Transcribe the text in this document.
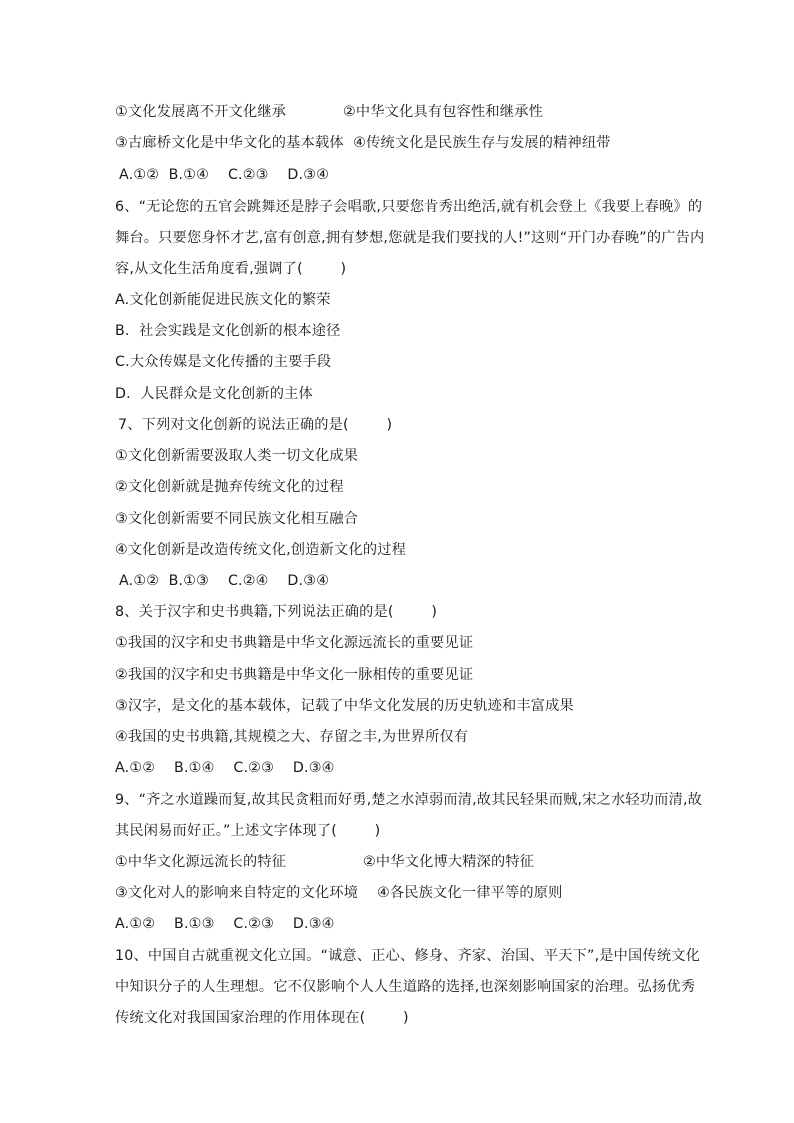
①文化发展离不开文化继承	②中华文化具有包容性和继承性
③古廊桥文化是中华文化的基本载体  ④传统文化是民族生存与发展的精神纽带
A.①②  B.①④    C.②③    D.③④
6、“无论您的五官会跳舞还是脖子会唱歌,只要您肯秀出绝活,就有机会登上《我要上春晚》的
舞台。只要您身怀才艺,富有创意,拥有梦想,您就是我们要找的人!”这则“开门办春晚”的广告内
容,从文化生活角度看,强调了(        )
A.文化创新能促进民族文化的繁荣
B.  社会实践是文化创新的根本途径
C.大众传媒是文化传播的主要手段
D.  人民群众是文化创新的主体
7、下列对文化创新的说法正确的是(        )
①文化创新需要汲取人类一切文化成果
②文化创新就是抛弃传统文化的过程
③文化创新需要不同民族文化相互融合
④文化创新是改造传统文化,创造新文化的过程
A.①②  B.①③    C.②④    D.③④
8、关于汉字和史书典籍,下列说法正确的是(        )
①我国的汉字和史书典籍是中华文化源远流长的重要见证
②我国的汉字和史书典籍是中华文化一脉相传的重要见证
③汉字，是文化的基本载体，记载了中华文化发展的历史轨迹和丰富成果
④我国的史书典籍,其规模之大、存留之丰,为世界所仅有
A.①②    B.①④    C.②③    D.③④
9、“齐之水道躁而复,故其民贪粗而好勇,楚之水淖弱而清,故其民轻果而贼,宋之水轻功而清,故
其民闲易而好正。”上述文字体现了(        )
①中华文化源远流长的特征	②中华文化博大精深的特征
③文化对人的影响来自特定的文化环境    ④各民族文化一律平等的原则
A.①②    B.①③    C.②③    D.③④
10、中国自古就重视文化立国。“诚意、正心、修身、齐家、治国、平天下”,是中国传统文化
中知识分子的人生理想。它不仅影响个人人生道路的选择,也深刻影响国家的治理。弘扬优秀
传统文化对我国国家治理的作用体现在(        )
